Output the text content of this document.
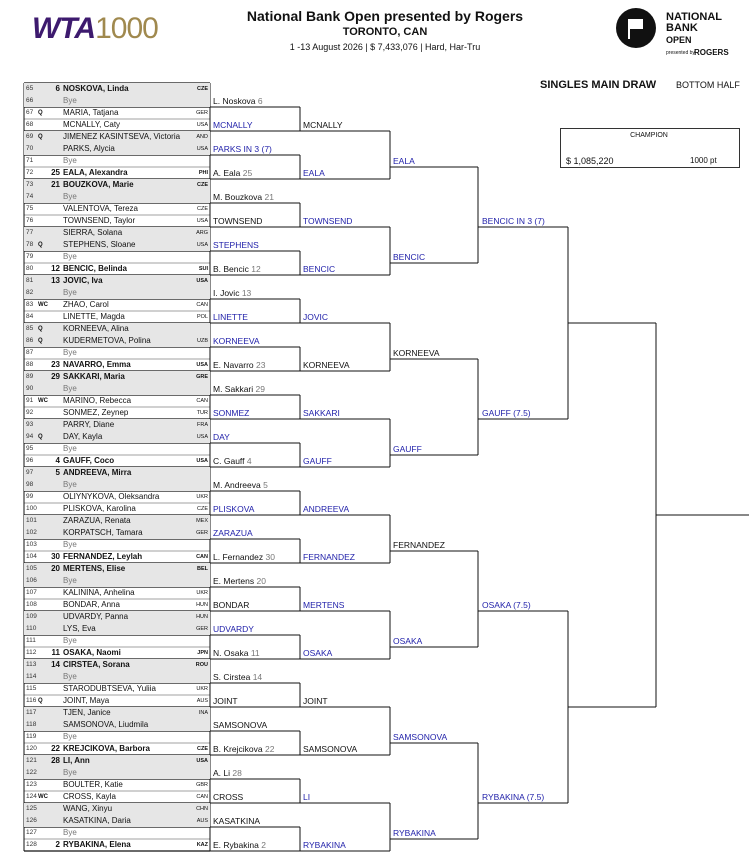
WTA1000	National Bank Open presented by Rogers
TORONTO, CAN
1 -13 August 2026 | $ 7,433,076 | Hard, Har-Tru
NATIONAL
BANK
OPEN
presented by ROGERS
SINGLES MAIN DRAW BOTTOM HALF
CHAMPION
$ 1,085,220	1000 pt
65	6 NOSKOVA, Linda	CZE
66	Bye
67 Q	MARIA, Tatjana	GER
68	MCNALLY, Caty	USA
69 Q	JIMENEZ KASINTSEVA, Victoria	AND
70	PARKS, Alycia	USA
71	Bye
72	25 EALA, Alexandra	PHI
73	21 BOUZKOVA, Marie	CZE
74	Bye
75	VALENTOVA, Tereza	CZE
76	TOWNSEND, Taylor	USA
77	SIERRA, Solana	ARG
78 Q	STEPHENS, Sloane	USA
79	Bye
80	12 BENCIC, Belinda	SUI
81	13 JOVIC, Iva	USA
82	Bye
83 WC ZHAO, Carol	CAN
84	LINETTE, Magda	POL
85 Q	KORNEEVA, Alina
86 Q	KUDERMETOVA, Polina	UZB
87	Bye
88	23 NAVARRO, Emma	USA
89	29 SAKKARI, Maria	GRE
90	Bye
91 WC MARINO, Rebecca	CAN
92	SONMEZ, Zeynep	TUR
93	PARRY, Diane	FRA
94 Q	DAY, Kayla	USA
95	Bye
96	4 GAUFF, Coco	USA
97	5 ANDREEVA, Mirra
98	Bye
99	OLIYNYKOVA, Oleksandra	UKR
100	PLISKOVA, Karolina	CZE
101	ZARAZUA, Renata	MEX
102	KORPATSCH, Tamara	GER
103	Bye
104 30 FERNANDEZ, Leylah	CAN
105 20 MERTENS, Elise	BEL
106	Bye
107	KALININA, Anhelina	UKR
108	BONDAR, Anna	HUN
109	UDVARDY, Panna	HUN
110	LYS, Eva	GER
111	Bye
112	11 OSAKA, Naomi	JPN
113	14 CIRSTEA, Sorana	ROU
114	Bye
115	STARODUBTSEVA, Yuliia	UKR
116 Q	JOINT, Maya	AUS
117	TJEN, Janice	INA
118	SAMSONOVA, Liudmila
119	Bye
120 22 KREJCIKOVA, Barbora	CZE
121 28 LI, Ann	USA
122	Bye
123	BOULTER, Katie	GBR
124 WC CROSS, Kayla	CAN
125	WANG, Xinyu	CHN
126	KASATKINA, Daria	AUS
127	Bye
128	2 RYBAKINA, Elena	KAZ
L. Noskova 6
MCNALLY
PARKS IN 3 (7)
A. Eala 25
M. Bouzkova 21
TOWNSEND
STEPHENS
B. Bencic 12
I. Jovic 13
LINETTE
KORNEEVA
E. Navarro 23
M. Sakkari 29
SONMEZ
DAY
C. Gauff 4
M. Andreeva 5
PLISKOVA
ZARAZUA
L. Fernandez 30
E. Mertens 20
BONDAR
UDVARDY
N. Osaka 11
S. Cirstea 14
JOINT
SAMSONOVA
B. Krejcikova 22
A. Li 28
CROSS
KASATKINA
E. Rybakina 2
MCNALLY
EALA
TOWNSEND
BENCIC
JOVIC
KORNEEVA
SAKKARI
GAUFF
ANDREEVA
FERNANDEZ
MERTENS
OSAKA
JOINT
SAMSONOVA
LI
RYBAKINA
EALA
BENCIC
KORNEEVA
GAUFF
FERNANDEZ
OSAKA
SAMSONOVA
RYBAKINA
BENCIC IN 3 (7)
GAUFF (7.5)
OSAKA (7.5)
RYBAKINA (7.5)
